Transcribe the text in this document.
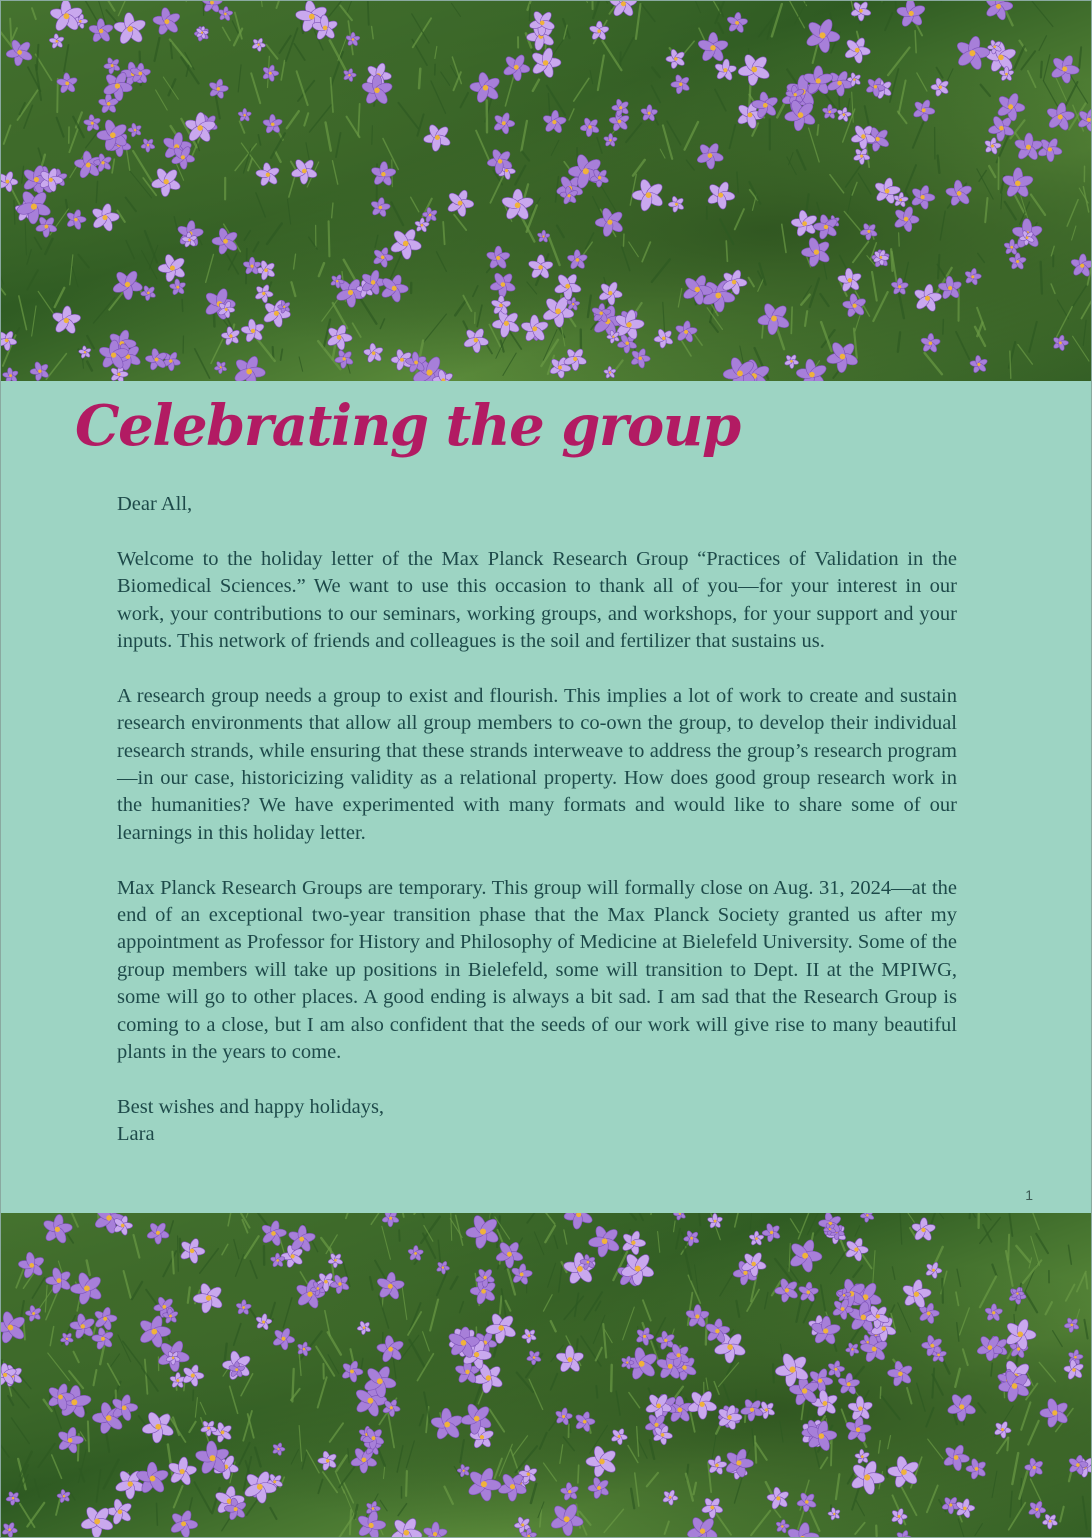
Celebrating the group

Dear All,

Welcome to the holiday letter of the Max Planck Research Group “Practices of Validation in the Biomedical Sciences.” We want to use this occasion to thank all of you—for your interest in our work, your contributions to our seminars, working groups, and workshops, for your support and your inputs. This network of friends and colleagues is the soil and fertilizer that sustains us.

A research group needs a group to exist and flourish. This implies a lot of work to create and sustain research environments that allow all group members to co-own the group, to develop their individual research strands, while ensuring that these strands interweave to address the group’s research program—in our case, historicizing validity as a relational property. How does good group research work in the humanities? We have experimented with many formats and would like to share some of our learnings in this holiday letter.

Max Planck Research Groups are temporary. This group will formally close on Aug. 31, 2024—at the end of an exceptional two-year transition phase that the Max Planck Society granted us after my appointment as Professor for History and Philosophy of Medicine at Bielefeld University. Some of the group members will take up positions in Bielefeld, some will transition to Dept. II at the MPIWG, some will go to other places. A good ending is always a bit sad. I am sad that the Research Group is coming to a close, but I am also confident that the seeds of our work will give rise to many beautiful plants in the years to come.

Best wishes and happy holidays,

Lara

1
